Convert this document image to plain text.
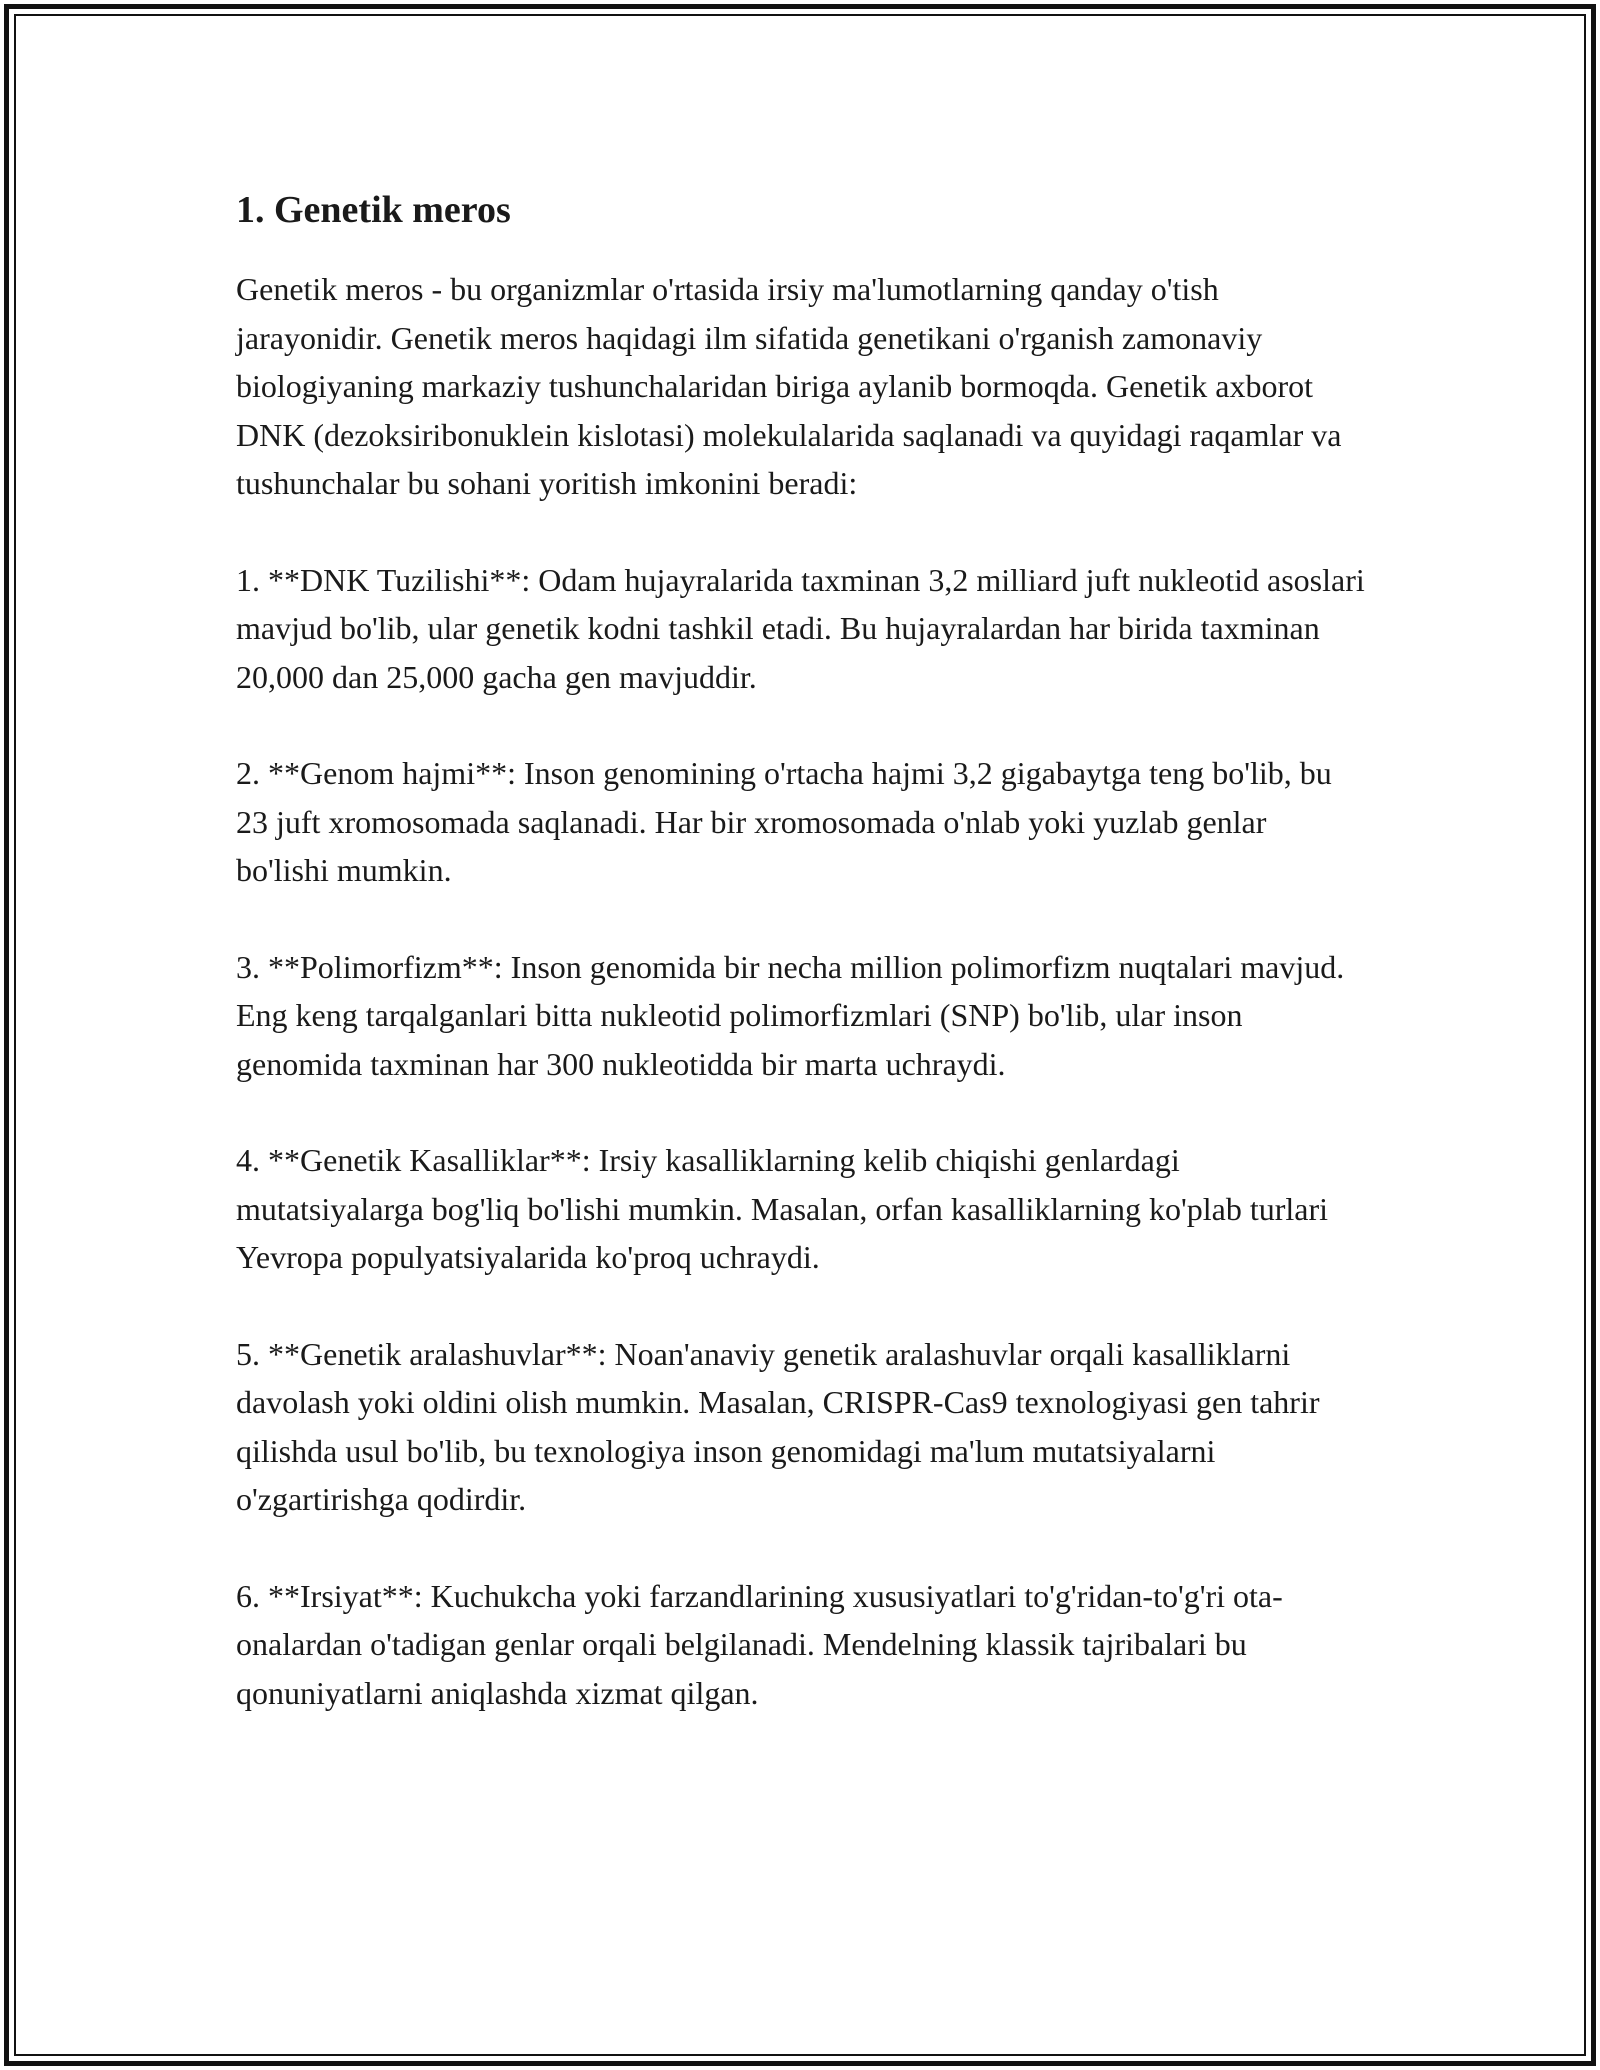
1. Genetik meros

Genetik meros - bu organizmlar o'rtasida irsiy ma'lumotlarning qanday o'tish jarayonidir. Genetik meros haqidagi ilm sifatida genetikani o'rganish zamonaviy biologiyaning markaziy tushunchalaridan biriga aylanib bormoqda. Genetik axborot DNK (dezoksiribonuklein kislotasi) molekulalarida saqlanadi va quyidagi raqamlar va tushunchalar bu sohani yoritish imkonini beradi:

1. **DNK Tuzilishi**: Odam hujayralarida taxminan 3,2 milliard juft nukleotid asoslari mavjud bo'lib, ular genetik kodni tashkil etadi. Bu hujayralardan har birida taxminan 20,000 dan 25,000 gacha gen mavjuddir.

2. **Genom hajmi**: Inson genomining o'rtacha hajmi 3,2 gigabaytga teng bo'lib, bu 23 juft xromosomada saqlanadi. Har bir xromosomada o'nlab yoki yuzlab genlar bo'lishi mumkin.

3. **Polimorfizm**: Inson genomida bir necha million polimorfizm nuqtalari mavjud. Eng keng tarqalganlari bitta nukleotid polimorfizmlari (SNP) bo'lib, ular inson genomida taxminan har 300 nukleotidda bir marta uchraydi.

4. **Genetik Kasalliklar**: Irsiy kasalliklarning kelib chiqishi genlardagi mutatsiyalarga bog'liq bo'lishi mumkin. Masalan, orfan kasalliklarning ko'plab turlari Yevropa populyatsiyalarida ko'proq uchraydi.

5. **Genetik aralashuvlar**: Noan'anaviy genetik aralashuvlar orqali kasalliklarni davolash yoki oldini olish mumkin. Masalan, CRISPR-Cas9 texnologiyasi gen tahrir qilishda usul bo'lib, bu texnologiya inson genomidagi ma'lum mutatsiyalarni o'zgartirishga qodirdir.

6. **Irsiyat**: Kuchukcha yoki farzandlarining xususiyatlari to'g'ridan-to'g'ri ota-onalardan o'tadigan genlar orqali belgilanadi. Mendelning klassik tajribalari bu qonuniyatlarni aniqlashda xizmat qilgan.
